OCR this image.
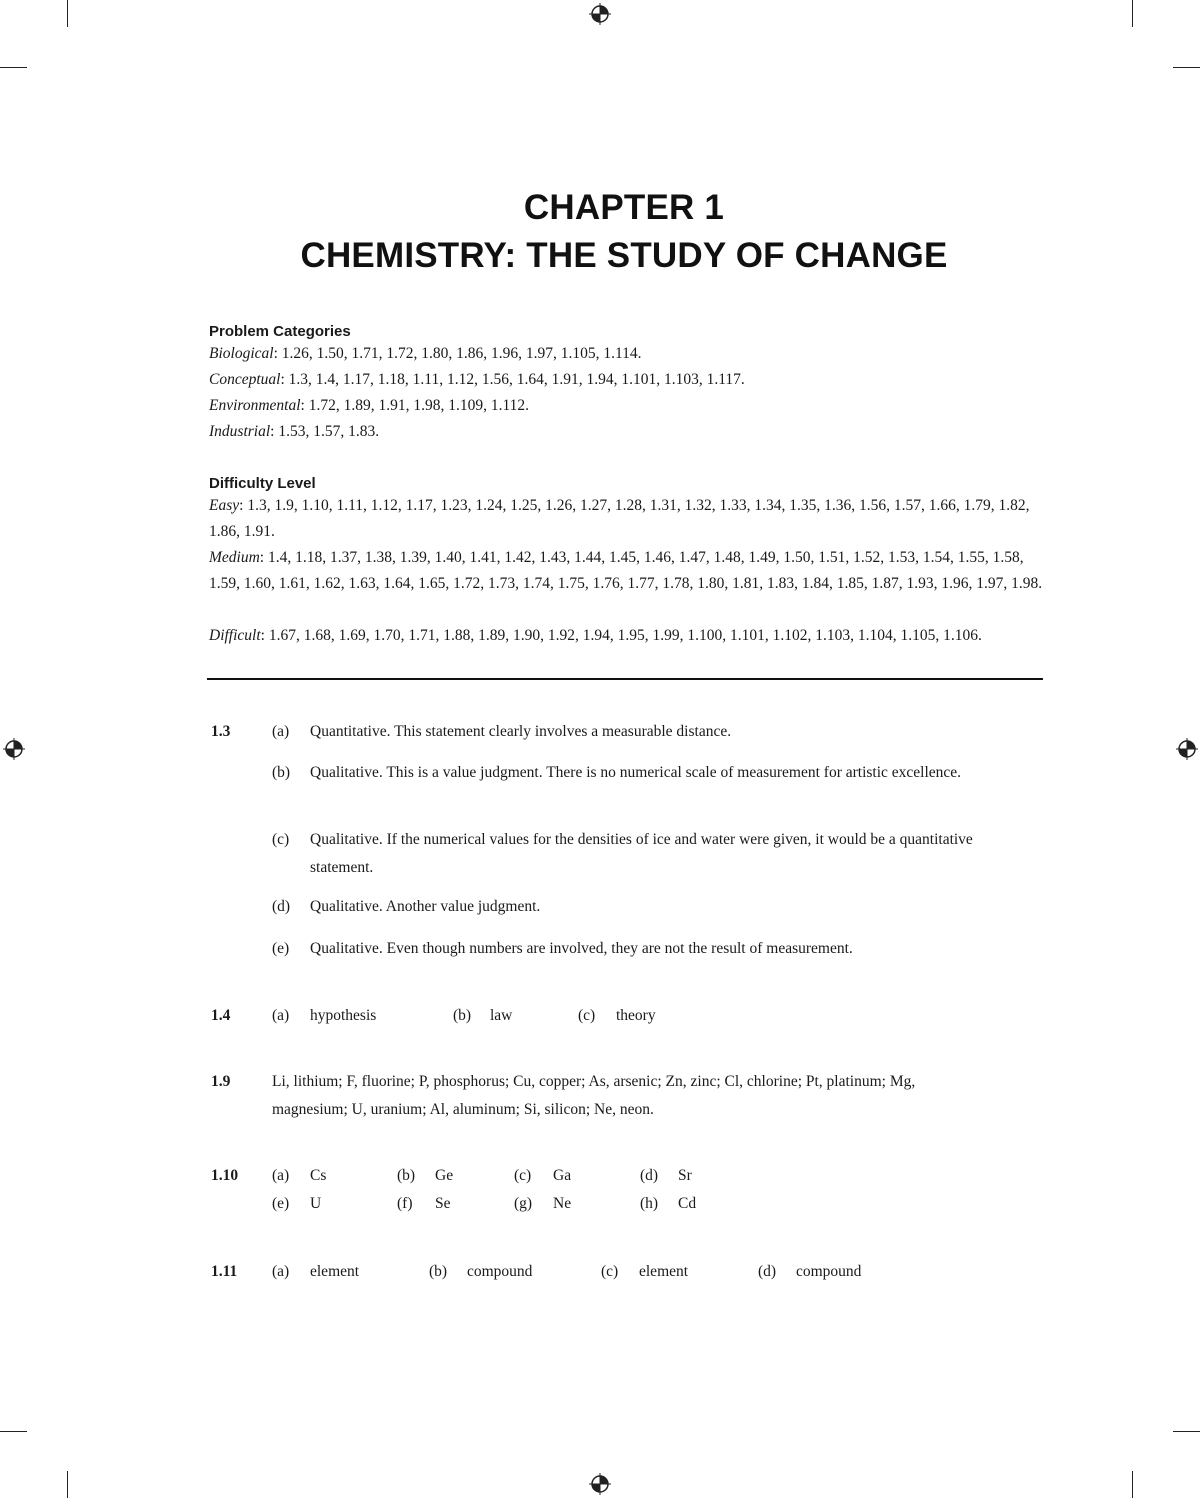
CHAPTER 1
CHEMISTRY: THE STUDY OF CHANGE
Problem Categories

Biological: 1.26, 1.50, 1.71, 1.72, 1.80, 1.86, 1.96, 1.97, 1.105, 1.114.

Conceptual: 1.3, 1.4, 1.17, 1.18, 1.11, 1.12, 1.56, 1.64, 1.91, 1.94, 1.101, 1.103, 1.117.

Environmental: 1.72, 1.89, 1.91, 1.98, 1.109, 1.112.

Industrial: 1.53, 1.57, 1.83.

Difficulty Level

Easy: 1.3, 1.9, 1.10, 1.11, 1.12, 1.17, 1.23, 1.24, 1.25, 1.26, 1.27, 1.28, 1.31, 1.32, 1.33, 1.34, 1.35, 1.36, 1.56, 1.57, 1.66, 1.79, 1.82, 1.86, 1.91.

Medium: 1.4, 1.18, 1.37, 1.38, 1.39, 1.40, 1.41, 1.42, 1.43, 1.44, 1.45, 1.46, 1.47, 1.48, 1.49, 1.50, 1.51, 1.52, 1.53, 1.54, 1.55, 1.58, 1.59, 1.60, 1.61, 1.62, 1.63, 1.64, 1.65, 1.72, 1.73, 1.74, 1.75, 1.76, 1.77, 1.78, 1.80, 1.81, 1.83, 1.84, 1.85, 1.87, 1.93, 1.96, 1.97, 1.98.

Difficult: 1.67, 1.68, 1.69, 1.70, 1.71, 1.88, 1.89, 1.90, 1.92, 1.94, 1.95, 1.99, 1.100, 1.101, 1.102, 1.103, 1.104, 1.105, 1.106.

1.3	(a) Quantitative. This statement clearly involves a measurable distance.
(b) Qualitative. This is a value judgment. There is no numerical scale of measurement for artistic excellence.
(c) Qualitative. If the numerical values for the densities of ice and water were given, it would be a quantitative statement.
(d) Qualitative. Another value judgment.
(e) Qualitative. Even though numbers are involved, they are not the result of measurement.
1.4	(a) hypothesis	(b) law	(c) theory
1.9	Li, lithium; F, fluorine; P, phosphorus; Cu, copper; As, arsenic; Zn, zinc; Cl, chlorine; Pt, platinum; Mg, magnesium; U, uranium; Al, aluminum; Si, silicon; Ne, neon.
1.10 (a) Cs	(b) Ge	(c) Ga	(d) Sr
(e) U	(f) Se	(g) Ne	(h) Cd
1.11 (a) element	(b) compound	(c) element	(d) compound
